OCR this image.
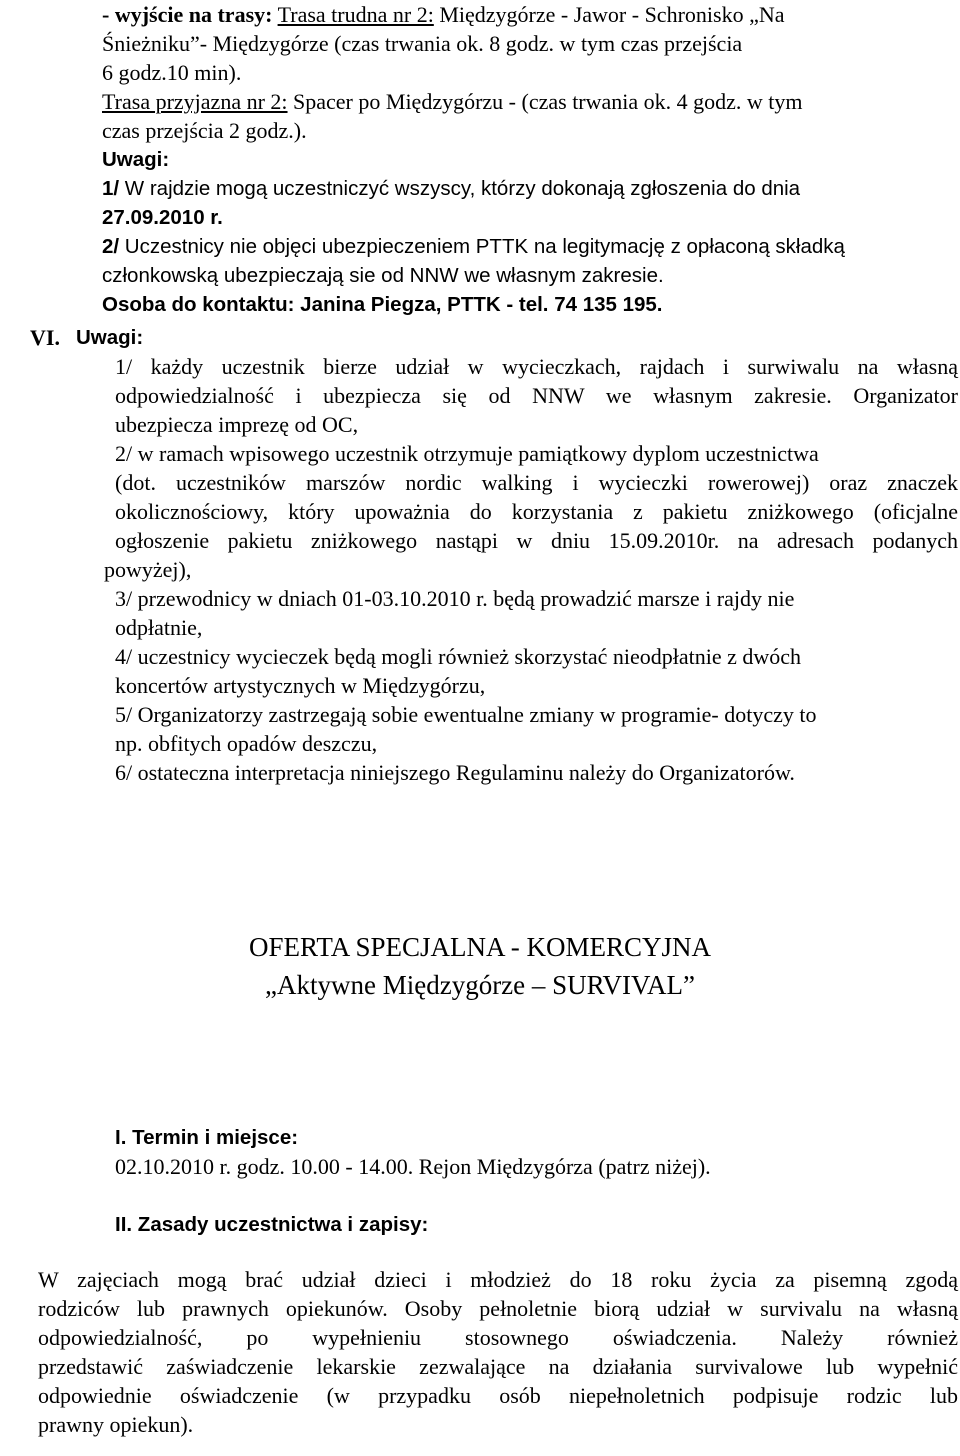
- wyjście na trasy: Trasa trudna nr 2: Międzygórze - Jawor - Schronisko „Na
Śnieżniku”- Międzygórze (czas trwania ok. 8 godz. w tym czas przejścia
6 godz.10 min).
Trasa przyjazna nr 2: Spacer po Międzygórzu - (czas trwania ok. 4 godz. w tym
czas przejścia 2 godz.).
Uwagi:
1/ W rajdzie mogą uczestniczyć wszyscy, którzy dokonają zgłoszenia do dnia
27.09.2010 r.
2/ Uczestnicy nie objęci ubezpieczeniem PTTK na legitymację z opłaconą składką
członkowską ubezpieczają sie od NNW we własnym zakresie.
Osoba do kontaktu: Janina Piegza, PTTK - tel. 74 135 195.
VI. Uwagi:
1/ każdy uczestnik bierze udział w wycieczkach, rajdach i surwiwalu na własną
odpowiedzialność i ubezpiecza się od NNW we własnym zakresie. Organizator
ubezpiecza imprezę od OC,
2/ w ramach wpisowego uczestnik otrzymuje pamiątkowy dyplom uczestnictwa
(dot. uczestników marszów nordic walking i wycieczki rowerowej) oraz znaczek
okolicznościowy, który upoważnia do korzystania z pakietu zniżkowego (oficjalne
ogłoszenie pakietu zniżkowego nastąpi w dniu 15.09.2010r. na adresach podanych
powyżej),
3/ przewodnicy w dniach 01-03.10.2010 r. będą prowadzić marsze i rajdy nie
odpłatnie,
4/ uczestnicy wycieczek będą mogli również skorzystać nieodpłatnie z dwóch
koncertów artystycznych w Międzygórzu,
5/ Organizatorzy zastrzegają sobie ewentualne zmiany w programie- dotyczy to
np. obfitych opadów deszczu,
6/ ostateczna interpretacja niniejszego Regulaminu należy do Organizatorów.
OFERTA SPECJALNA - KOMERCYJNA
„Aktywne Międzygórze – SURVIVAL”
I. Termin i miejsce:
02.10.2010 r. godz. 10.00 - 14.00. Rejon Międzygórza (patrz niżej).
II. Zasady uczestnictwa i zapisy:
W zajęciach mogą brać udział dzieci i młodzież do 18 roku życia za pisemną zgodą
rodziców lub prawnych opiekunów. Osoby pełnoletnie biorą udział w survivalu na własną
odpowiedzialność, po wypełnieniu stosownego oświadczenia. Należy również
przedstawić zaświadczenie lekarskie zezwalające na działania survivalowe lub wypełnić
odpowiednie oświadczenie (w przypadku osób niepełnoletnich podpisuje rodzic lub
prawny opiekun).
